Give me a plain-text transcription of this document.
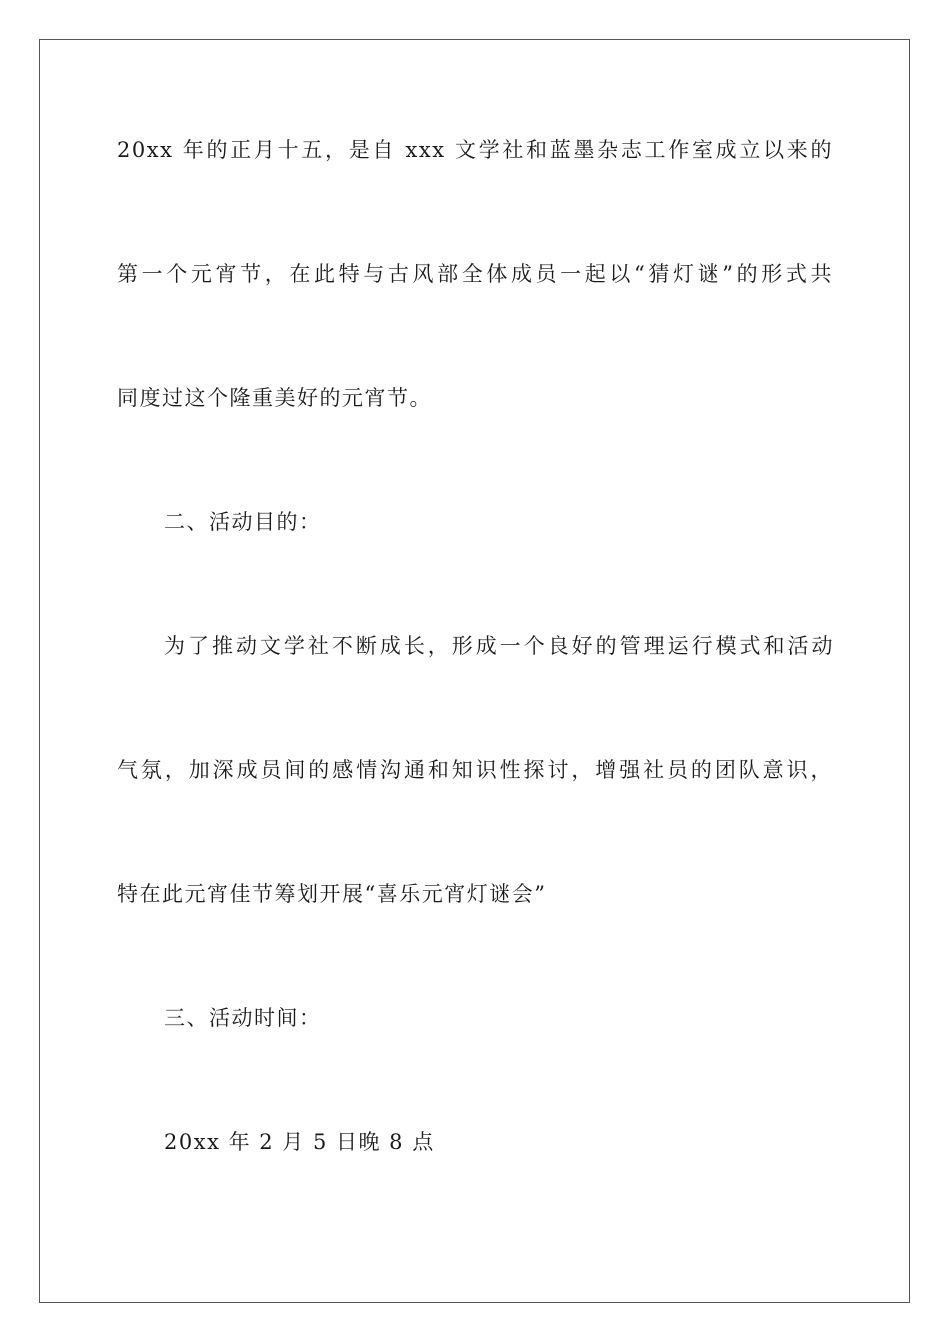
20xx 年的正月十五，是自 xxx 文学社和蓝墨杂志工作室成立以来的
第一个元宵节，在此特与古风部全体成员一起以“猜灯谜”的形式共
同度过这个隆重美好的元宵节。
二、活动目的：
为了推动文学社不断成长，形成一个良好的管理运行模式和活动
气氛，加深成员间的感情沟通和知识性探讨，增强社员的团队意识，
特在此元宵佳节筹划开展“喜乐元宵灯谜会”
三、活动时间：
20xx 年 2 月 5 日晚 8 点
